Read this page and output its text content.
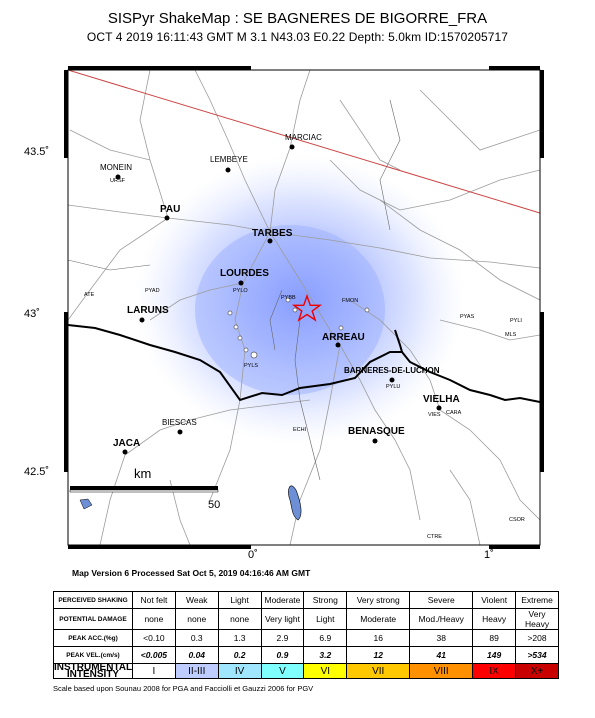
SISPyr ShakeMap : SE BAGNERES DE BIGORRE_FRA
OCT 4 2019 16:11:43 GMT M 3.1 N43.03 E0.22 Depth: 5.0km ID:1570205717
PAU
TARBES
LOURDES
LARUNS
ARREAU
VIELHA
BENASQUE
BARNERES-DE-LUCHON
JACA
MARCIAC
MONEIN
LEMBEYE
BIESCAS
URSF
PYAD
ATE
PYLO
PYBB	FMON
PYAS
PYLI
MLS
PYLS
PYLU
VIES CARA
ECHI
CTRE
CSOR
km
50
43.5˚
43˚
42.5˚
0˚	1˚
Map Version 6 Processed Sat Oct 5, 2019 04:16:46 AM GMT
PERCEIVED SHAKING	Not felt	Weak	Light	Moderate	Strong	Very strong	Severe	Violent	Extreme
POTENTIAL DAMAGE	none	none	none	Very light	Light	Moderate	Mod./Heavy	Heavy	Very Heavy
PEAK ACC.(%g)	<0.10	0.3	1.3	2.9	6.9	16	38	89	>208
PEAK VEL.(cm/s)	<0.005	0.04	0.2	0.9	3.2	12	41	149	>534
INSTRUMENTAL INTENSITY	I	II-III	IV	V	VI	VII	VIII	IX	X+
Scale based upon Sounau 2008 for PGA and Facciolli et Gauzzi 2006 for PGV
